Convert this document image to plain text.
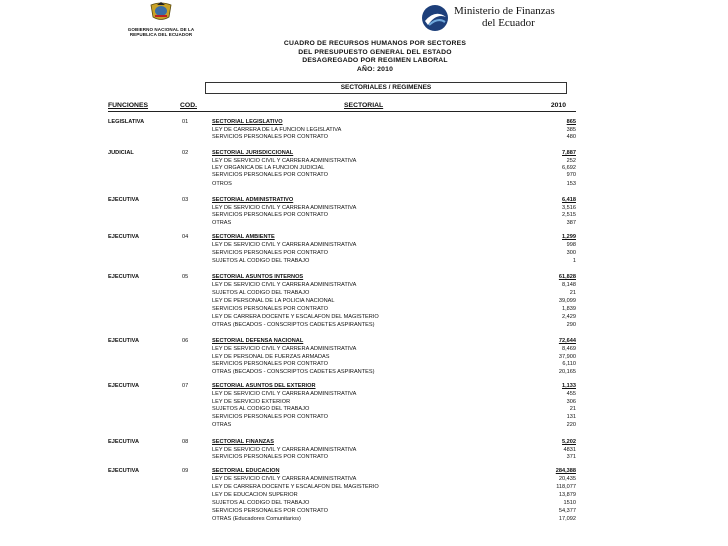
GOBIERNO NACIONAL DE LA REPUBLICA DEL ECUADOR
Ministerio de Finanzas
del Ecuador
CUADRO DE RECURSOS HUMANOS POR SECTORES
DEL PRESUPUESTO GENERAL DEL ESTADO
DESAGREGADO POR REGIMEN LABORAL
AÑO: 2010
SECTORIALES / REGIMENES
FUNCIONES	COD.	SECTORIAL	2010
LEGISLATIVA	01	SECTORIAL LEGISLATIVO	865
LEY DE CARRERA DE LA FUNCION LEGISLATIVA	385
SERVICIOS PERSONALES POR CONTRATO	480
JUDICIAL	02	SECTORIAL JURISDICCIONAL	7,887
LEY DE SERVICIO CIVIL Y CARRERA ADMINISTRATIVA	252
LEY ORGANICA DE LA FUNCION JUDICIAL	6,692
SERVICIOS PERSONALES POR CONTRATO	970
OTROS	153
EJECUTIVA	03	SECTORIAL ADMINISTRATIVO	6,418
LEY DE SERVICIO CIVIL Y CARRERA ADMINISTRATIVA	3,516
SERVICIOS PERSONALES POR CONTRATO	2,515
OTRAS	387
EJECUTIVA	04	SECTORIAL AMBIENTE	1,299
LEY DE SERVICIO CIVIL Y CARRERA ADMINISTRATIVA	998
SERVICIOS PERSONALES POR CONTRATO	300
SUJETOS AL CODIGO DEL TRABAJO	1
EJECUTIVA	05	SECTORIAL ASUNTOS INTERNOS	61,828
LEY DE SERVICIO CIVIL Y CARRERA ADMINISTRATIVA	8,148
SUJETOS AL CODIGO DEL TRABAJO	21
LEY DE PERSONAL DE LA POLICIA NACIONAL	39,099
SERVICIOS PERSONALES POR CONTRATO	1,839
LEY DE CARRERA DOCENTE Y ESCALAFON DEL MAGISTERIO	2,429
OTRAS (BECADOS - CONSCRIPTOS CADETES ASPIRANTES)	290
EJECUTIVA	06	SECTORIAL DEFENSA NACIONAL	72,644
LEY DE SERVICIO CIVIL Y CARRERA ADMINISTRATIVA	8,469
LEY DE PERSONAL DE FUERZAS ARMADAS	37,900
SERVICIOS PERSONALES POR CONTRATO	6,110
OTRAS (BECADOS - CONSCRIPTOS CADETES ASPIRANTES)	20,165
EJECUTIVA	07	SECTORIAL ASUNTOS DEL EXTERIOR	1,133
LEY DE SERVICIO CIVIL Y CARRERA ADMINISTRATIVA	455
LEY DE SERVICIO EXTERIOR	306
SUJETOS AL CODIGO DEL TRABAJO	21
SERVICIOS PERSONALES POR CONTRATO	131
OTRAS	220
EJECUTIVA	08	SECTORIAL FINANZAS	5,202
LEY DE SERVICIO CIVIL Y CARRERA ADMINISTRATIVA	4831
SERVICIOS PERSONALES POR CONTRATO	371
EJECUTIVA	09	SECTORIAL EDUCACION	284,388
LEY DE SERVICIO CIVIL Y CARRERA ADMINISTRATIVA	20,435
LEY DE CARRERA DOCENTE Y ESCALAFON DEL MAGISTERIO	118,077
LEY DE EDUCACION SUPERIOR	13,879
SUJETOS AL CODIGO DEL TRABAJO	1510
SERVICIOS PERSONALES POR CONTRATO	54,377
OTRAS (Educadores Comunitarios)	17,092
